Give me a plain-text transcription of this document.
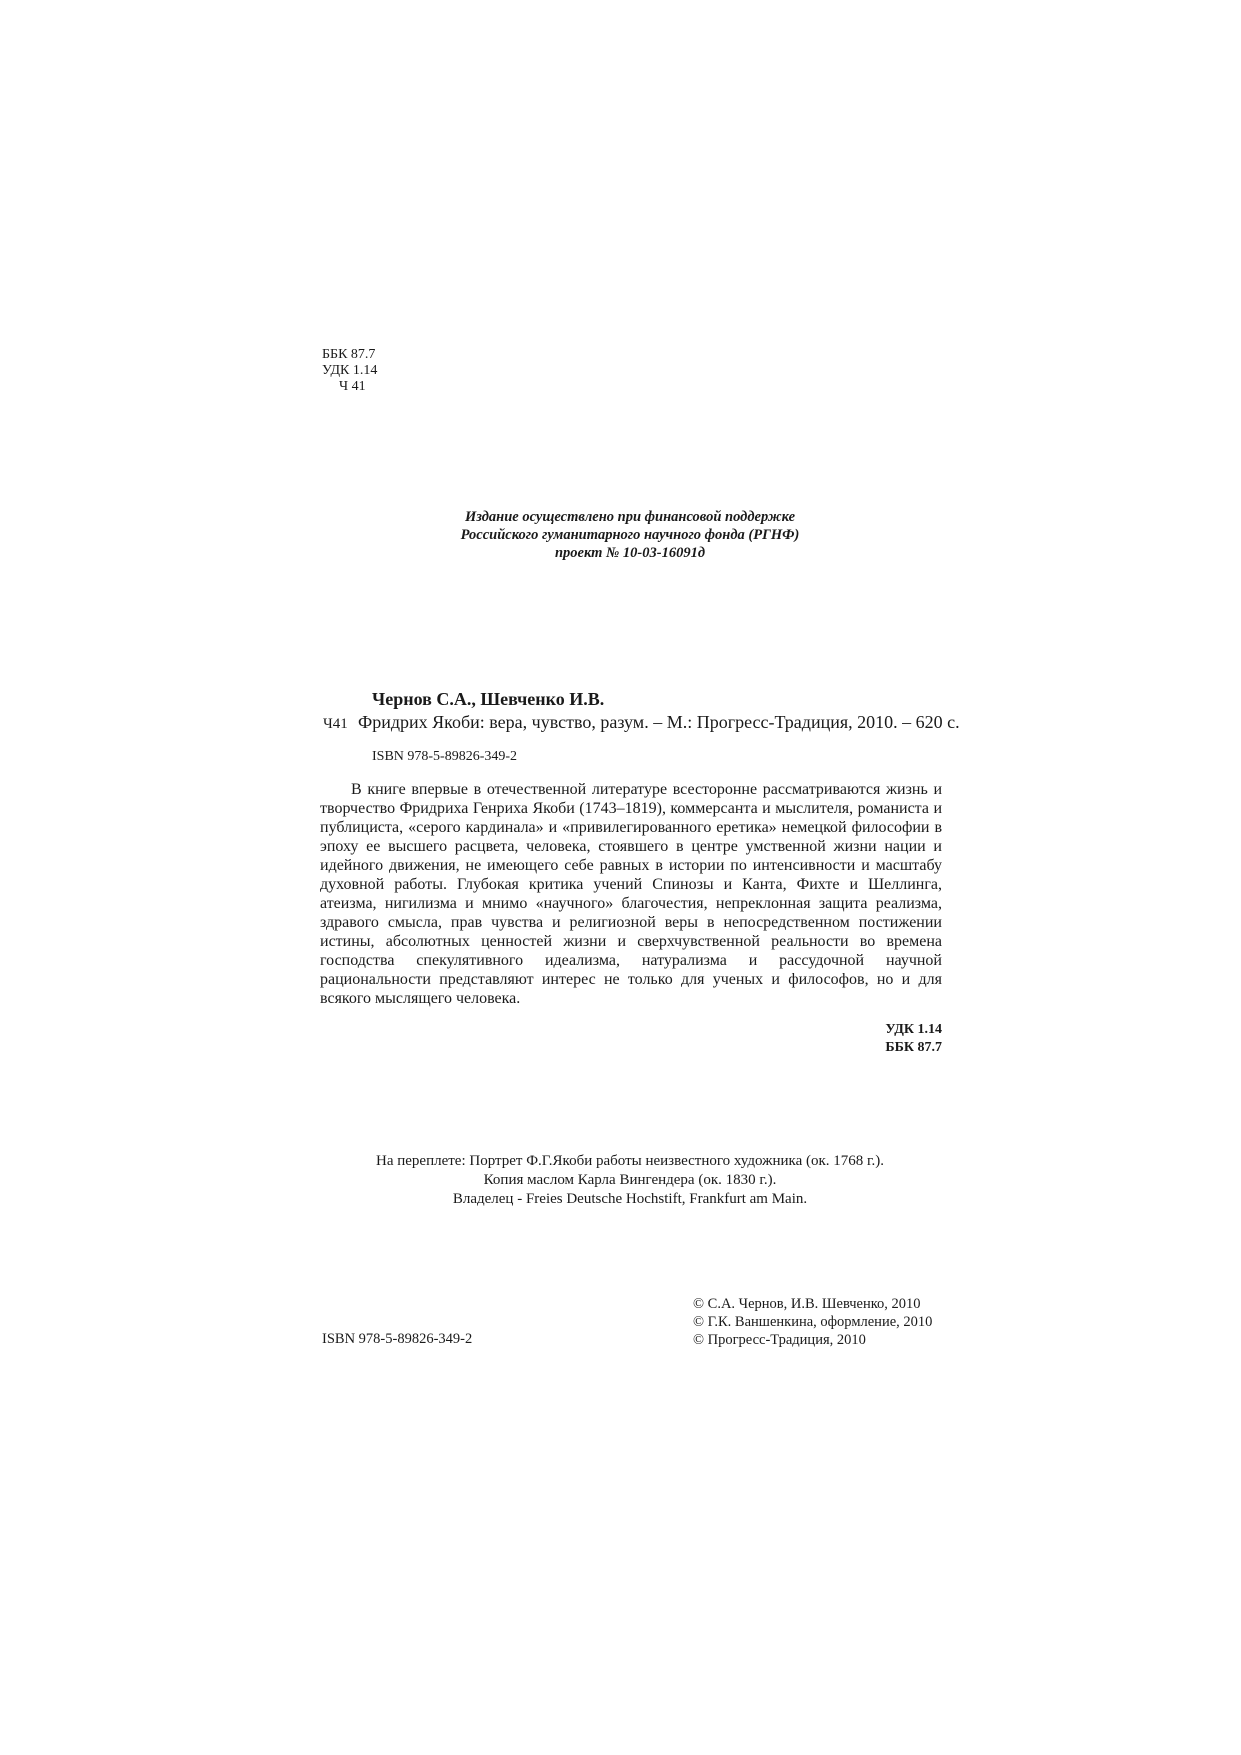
ББК 87.7
УДК 1.14
Ч 41
Издание осуществлено при финансовой поддержке
Российского гуманитарного научного фонда (РГНФ)
проект № 10-03-16091д
Чернов С.А., Шевченко И.В.
Ч41 Фридрих Якоби: вера, чувство, разум. – М.: Прогресс-Традиция, 2010. – 620 с.
ISBN 978-5-89826-349-2

В книге впервые в отечественной литературе всесторонне рассматриваются жизнь и творчество Фридриха Генриха Якоби (1743–1819), коммерсанта и мыслителя, романиста и публициста, «серого кардинала» и «привилегированного еретика» немецкой философии в эпоху ее высшего расцвета, человека, стоявшего в центре умственной жизни нации и идейного движения, не имеющего себе равных в истории по интенсивности и масштабу духовной работы. Глубокая критика учений Спинозы и Канта, Фихте и Шеллинга, атеизма, нигилизма и мнимо «научного» благочестия, непреклонная защита реализма, здравого смысла, прав чувства и религиозной веры в непосредственном постижении истины, абсолютных ценностей жизни и сверхчувственной реальности во времена господства спекулятивного идеализма, натурализма и рассудочной научной рациональности представляют интерес не только для ученых и философов, но и для всякого мыслящего человека.

УДК 1.14
ББК 87.7
На переплете: Портрет Ф.Г.Якоби работы неизвестного художника (ок. 1768 г.).
Копия маслом Карла Вингендера (ок. 1830 г.).
Владелец - Freies Deutsche Hochstift, Frankfurt am Main.
© С.А. Чернов, И.В. Шевченко, 2010
© Г.К. Ваншенкина, оформление, 2010
© Прогресс-Традиция, 2010
ISBN 978-5-89826-349-2
